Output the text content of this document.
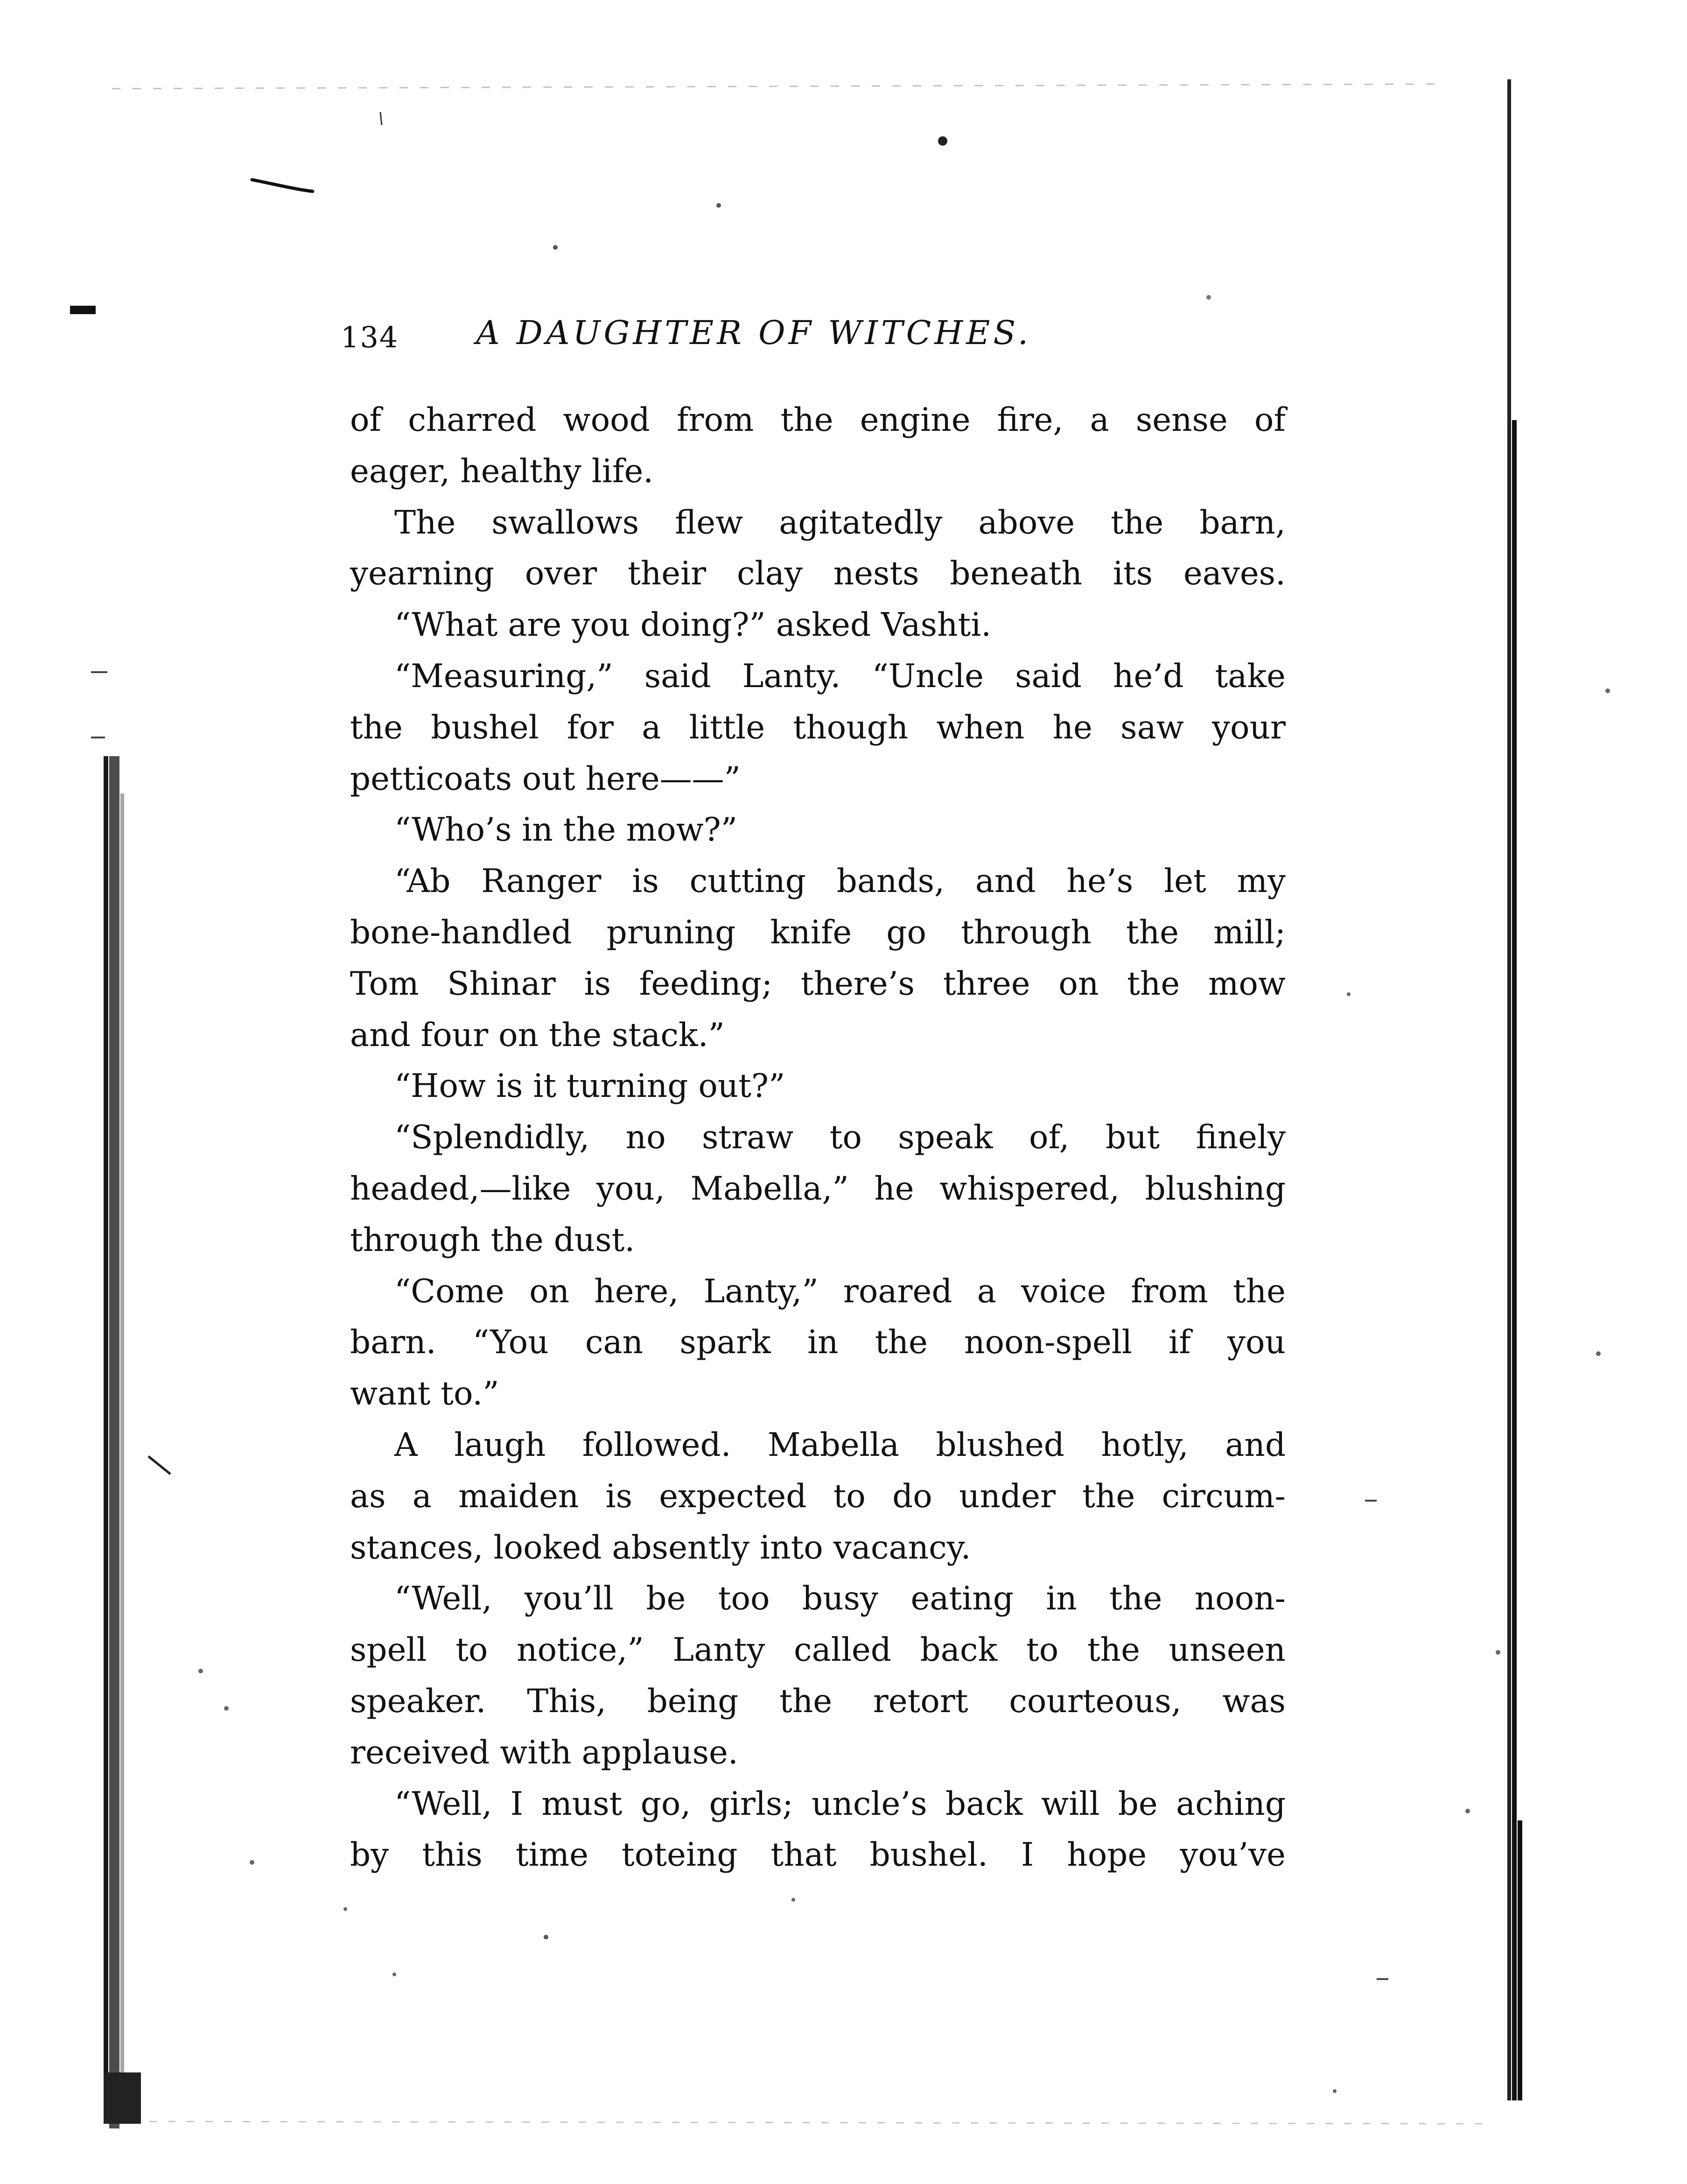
134 A DAUGHTER OF WITCHES.
of charred wood from the engine fire, a sense of
eager, healthy life.
The swallows flew agitatedly above the barn,
yearning over their clay nests beneath its eaves.
“What are you doing?” asked Vashti.
“Measuring,” said Lanty. “Uncle said he’d take
the bushel for a little though when he saw your
petticoats out here——”
“Who’s in the mow?”
“Ab Ranger is cutting bands, and he’s let my
bone-handled pruning knife go through the mill;
Tom Shinar is feeding; there’s three on the mow
and four on the stack.”
“How is it turning out?”
“Splendidly, no straw to speak of, but finely
headed,—like you, Mabella,” he whispered, blushing
through the dust.
“Come on here, Lanty,” roared a voice from the
barn. “You can spark in the noon-spell if you
want to.”
A laugh followed. Mabella blushed hotly, and
as a maiden is expected to do under the circum-
stances, looked absently into vacancy.
“Well, you’ll be too busy eating in the noon-
spell to notice,” Lanty called back to the unseen
speaker. This, being the retort courteous, was
received with applause.
“Well, I must go, girls; uncle’s back will be aching
by this time toteing that bushel. I hope you’ve
